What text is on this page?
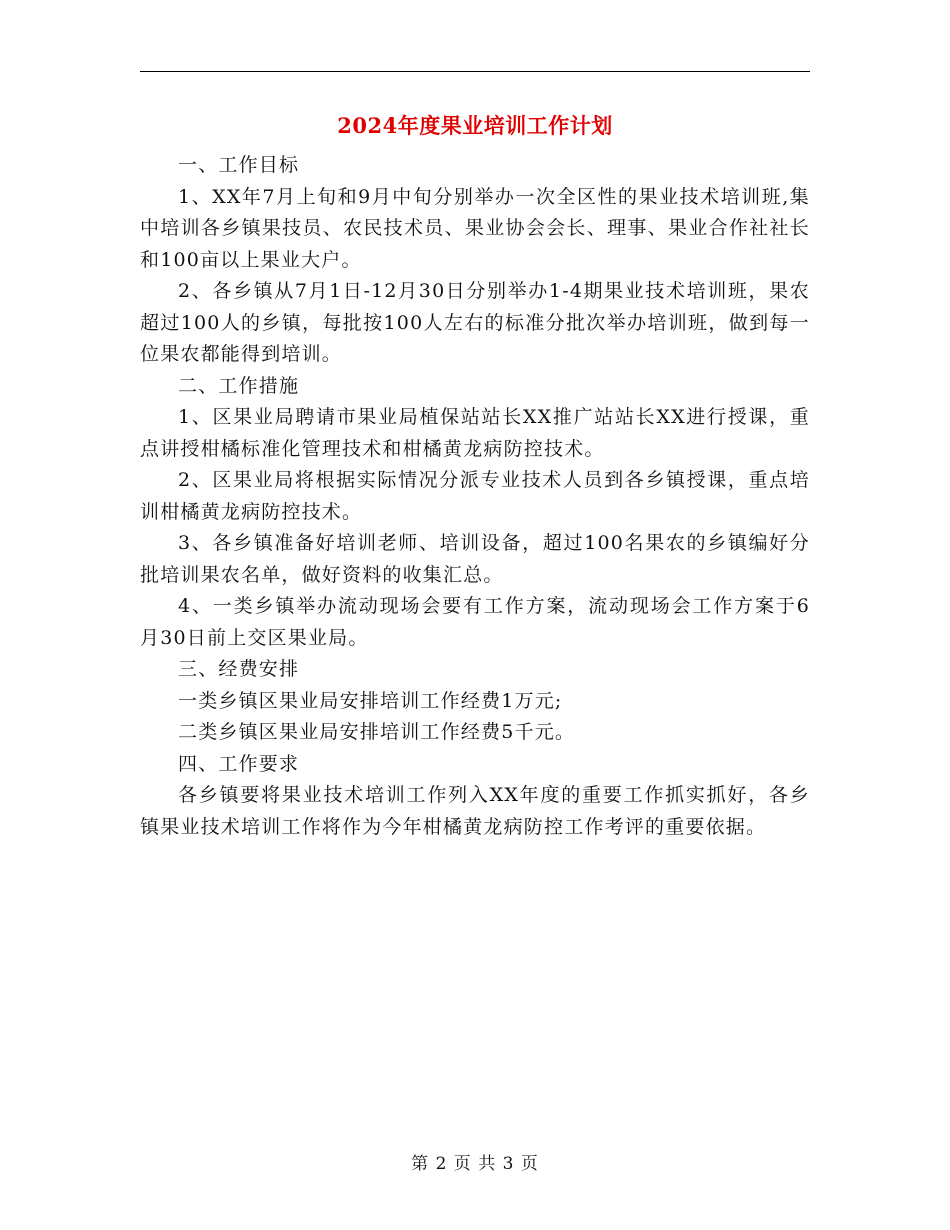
2024年度果业培训工作计划

一、工作目标

1、XX年7月上旬和9月中旬分别举办一次全区性的果业技术培训班,集中培训各乡镇果技员、农民技术员、果业协会会长、理事、果业合作社社长和100亩以上果业大户。

2、各乡镇从7月1日-12月30日分别举办1-4期果业技术培训班，果农超过100人的乡镇，每批按100人左右的标准分批次举办培训班，做到每一位果农都能得到培训。

二、工作措施

1、区果业局聘请市果业局植保站站长XX推广站站长XX进行授课，重点讲授柑橘标准化管理技术和柑橘黄龙病防控技术。

2、区果业局将根据实际情况分派专业技术人员到各乡镇授课，重点培训柑橘黄龙病防控技术。

3、各乡镇准备好培训老师、培训设备，超过100名果农的乡镇编好分批培训果农名单，做好资料的收集汇总。

4、一类乡镇举办流动现场会要有工作方案，流动现场会工作方案于6月30日前上交区果业局。

三、经费安排

一类乡镇区果业局安排培训工作经费1万元;

二类乡镇区果业局安排培训工作经费5千元。

四、工作要求

各乡镇要将果业技术培训工作列入XX年度的重要工作抓实抓好，各乡镇果业技术培训工作将作为今年柑橘黄龙病防控工作考评的重要依据。

第 2 页 共 3 页
